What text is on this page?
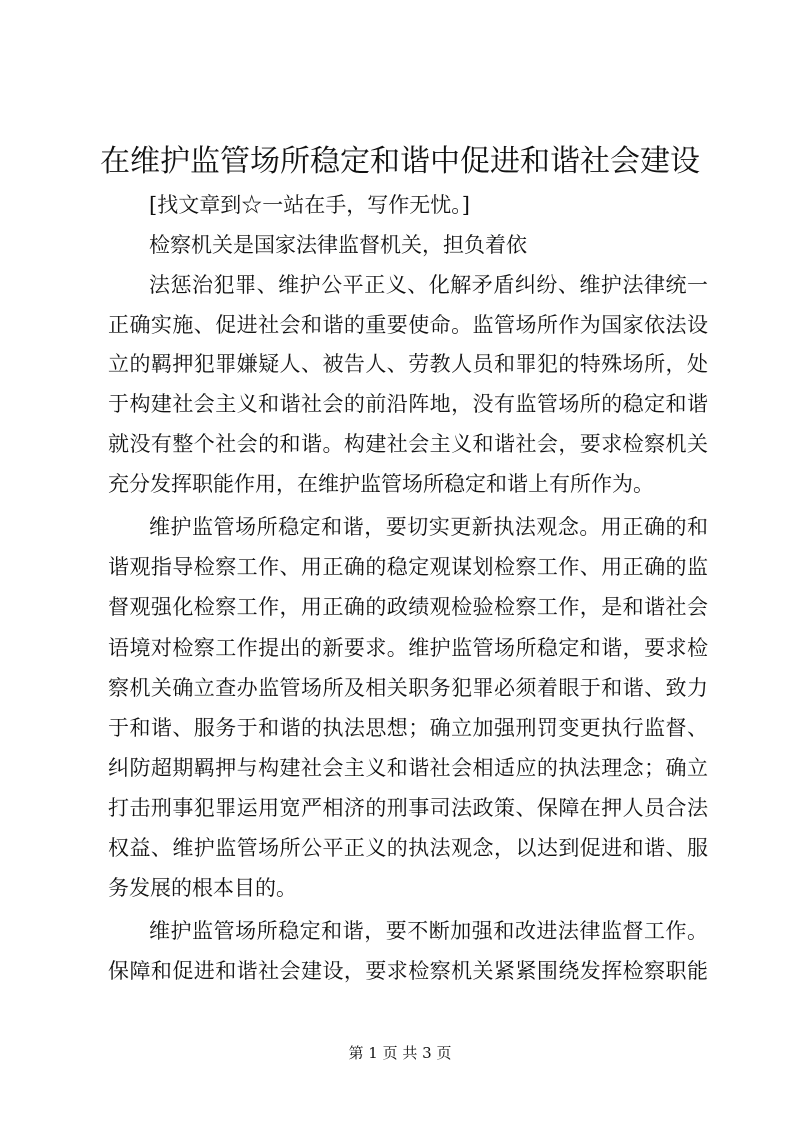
在维护监管场所稳定和谐中促进和谐社会建设

[找文章到☆一站在手，写作无忧。]

检察机关是国家法律监督机关，担负着依

法惩治犯罪、维护公平正义、化解矛盾纠纷、维护法律统一

正确实施、促进社会和谐的重要使命。监管场所作为国家依法设

立的羁押犯罪嫌疑人、被告人、劳教人员和罪犯的特殊场所，处

于构建社会主义和谐社会的前沿阵地，没有监管场所的稳定和谐

就没有整个社会的和谐。构建社会主义和谐社会，要求检察机关

充分发挥职能作用，在维护监管场所稳定和谐上有所作为。

维护监管场所稳定和谐，要切实更新执法观念。用正确的和

谐观指导检察工作、用正确的稳定观谋划检察工作、用正确的监

督观强化检察工作，用正确的政绩观检验检察工作，是和谐社会

语境对检察工作提出的新要求。维护监管场所稳定和谐，要求检

察机关确立查办监管场所及相关职务犯罪必须着眼于和谐、致力

于和谐、服务于和谐的执法思想；确立加强刑罚变更执行监督、

纠防超期羁押与构建社会主义和谐社会相适应的执法理念；确立

打击刑事犯罪运用宽严相济的刑事司法政策、保障在押人员合法

权益、维护监管场所公平正义的执法观念，以达到促进和谐、服

务发展的根本目的。

维护监管场所稳定和谐，要不断加强和改进法律监督工作。

保障和促进和谐社会建设，要求检察机关紧紧围绕发挥检察职能

第 1 页 共 3 页
